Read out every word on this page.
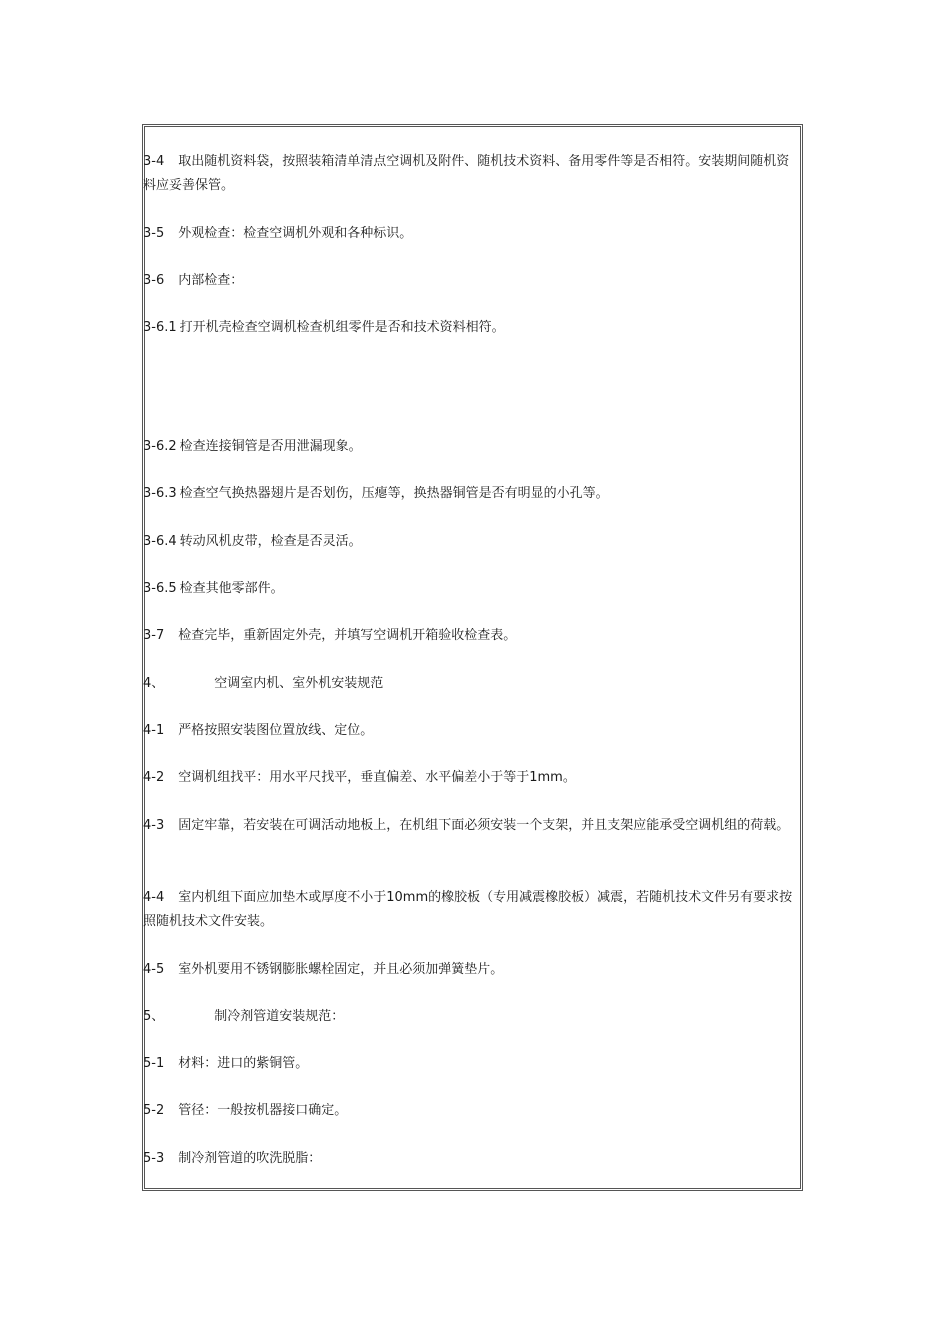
3-4 取出随机资料袋，按照装箱清单清点空调机及附件、随机技术资料、备用零件等是否相符。安装期间随机资料应妥善保管。
3-5 外观检查：检查空调机外观和各种标识。
3-6 内部检查：
3-6.1 打开机壳检查空调机检查机组零件是否和技术资料相符。
3-6.2 检查连接铜管是否用泄漏现象。
3-6.3 检查空气换热器翅片是否划伤，压瘪等，换热器铜管是否有明显的小孔等。
3-6.4 转动风机皮带，检查是否灵活。
3-6.5 检查其他零部件。
3-7 检查完毕，重新固定外壳，并填写空调机开箱验收检查表。
4、	空调室内机、室外机安装规范
4-1 严格按照安装图位置放线、定位。
4-2 空调机组找平：用水平尺找平，垂直偏差、水平偏差小于等于1mm。
4-3 固定牢靠，若安装在可调活动地板上，在机组下面必须安装一个支架，并且支架应能承受空调机组的荷载。
4-4 室内机组下面应加垫木或厚度不小于10mm的橡胶板（专用减震橡胶板）减震，若随机技术文件另有要求按照随机技术文件安装。
4-5 室外机要用不锈钢膨胀螺栓固定，并且必须加弹簧垫片。
5、	制冷剂管道安装规范：
5-1 材料：进口的紫铜管。
5-2 管径：一般按机器接口确定。
5-3 制冷剂管道的吹洗脱脂：
